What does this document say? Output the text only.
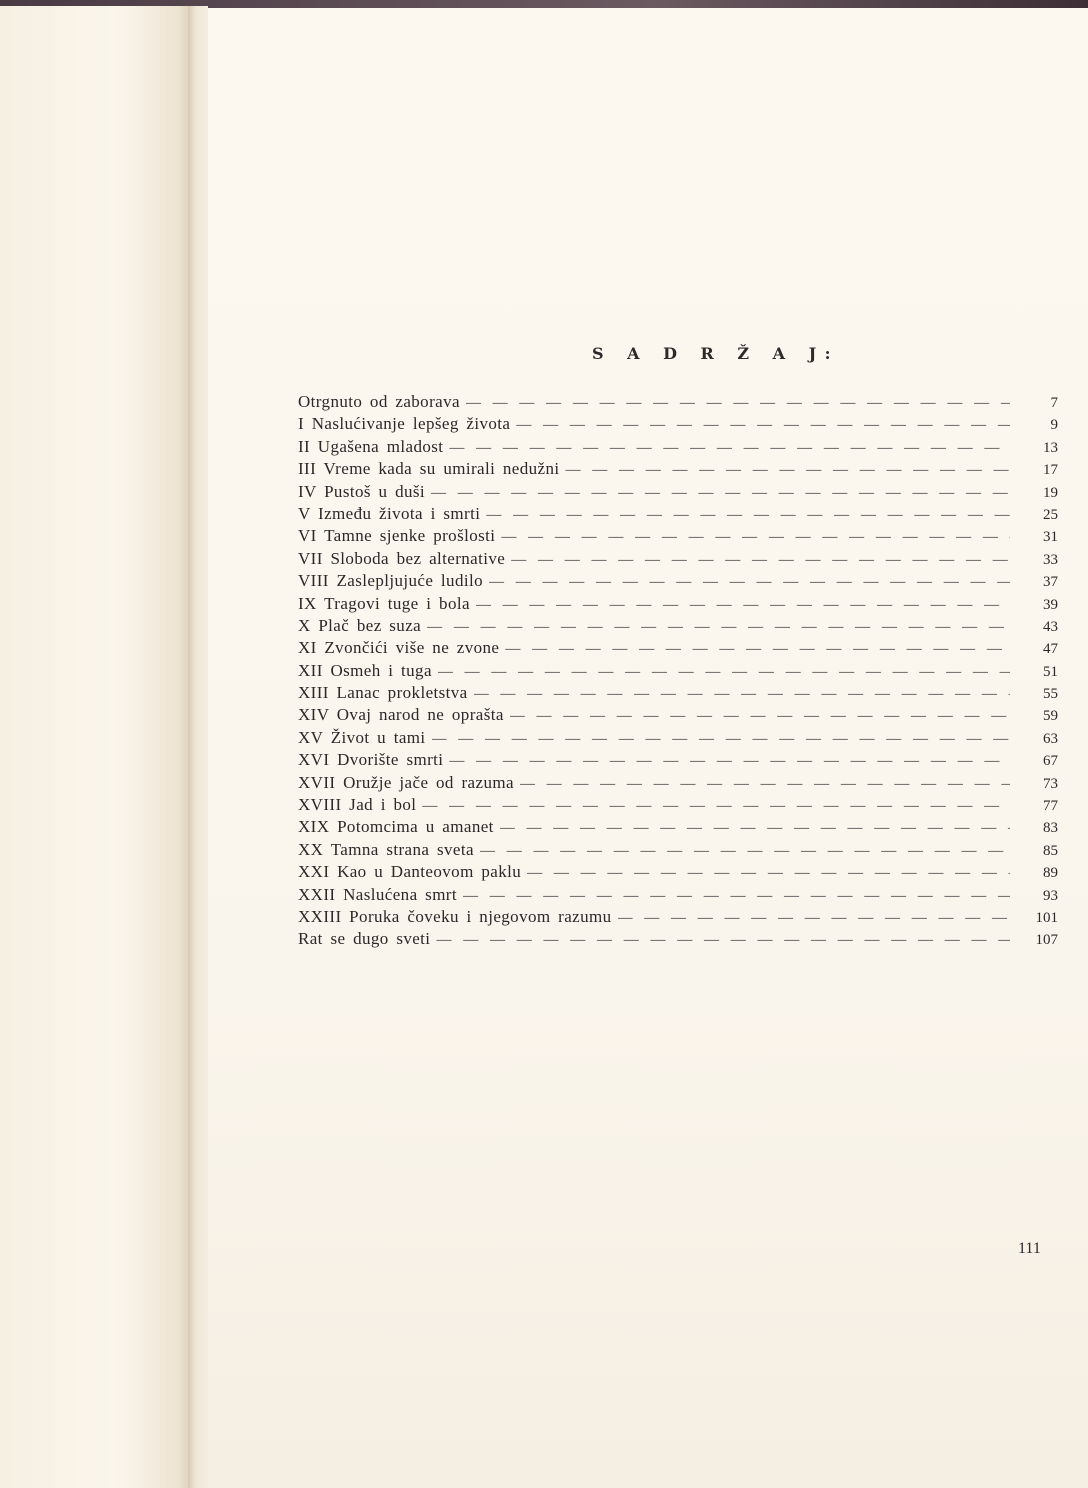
S A D R Ž A J:
Otrgnuto od zaborava — — —	7
I Naslućivanje lepšeg života — — —	9
II Ugašena mladost — — —	13
III Vreme kada su umirali nedužni — — —	17
IV Pustoš u duši — — —	19
V Između života i smrti — — —	25
VI Tamne sjenke prošlosti — — —	31
VII Sloboda bez alternative — — —	33
VIII Zaslepljujuće ludilo — — —	37
IX Tragovi tuge i bola — — —	39
X Plač bez suza — — —	43
XI Zvončići više ne zvone — — —	47
XII Osmeh i tuga — — —	51
XIII Lanac prokletstva — — —	55
XIV Ovaj narod ne oprašta — — —	59
XV Život u tami — — —	63
XVI Dvorište smrti — — —	67
XVII Oružje jače od razuma — — —	73
XVIII Jad i bol — — —	77
XIX Potomcima u amanet — — —	83
XX Tamna strana sveta — — —	85
XXI Kao u Danteovom paklu — — —	89
XXII Naslućena smrt — — —	93
XXIII Poruka čoveku i njegovom razumu — — —	101
Rat se dugo sveti — — —	107
111
